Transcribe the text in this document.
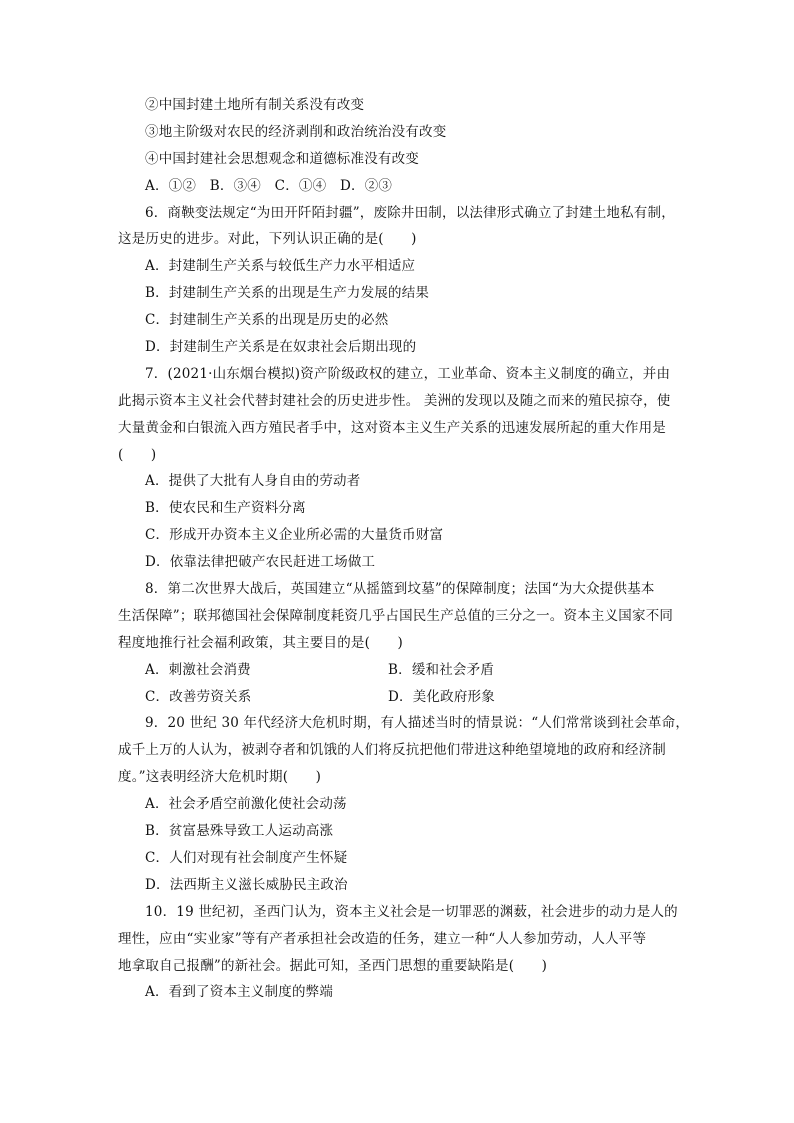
②中国封建土地所有制关系没有改变
③地主阶级对农民的经济剥削和政治统治没有改变
④中国封建社会思想观念和道德标准没有改变
A．①②　B．③④　C．①④　D．②③
6．商鞅变法规定“为田开阡陌封疆”，废除井田制，以法律形式确立了封建土地私有制，
这是历史的进步。对此，下列认识正确的是(　　)
A．封建制生产关系与较低生产力水平相适应
B．封建制生产关系的出现是生产力发展的结果
C．封建制生产关系的出现是历史的必然
D．封建制生产关系是在奴隶社会后期出现的
7．(2021·山东烟台模拟)资产阶级政权的建立，工业革命、资本主义制度的确立，并由
此揭示资本主义社会代替封建社会的历史进步性。 美洲的发现以及随之而来的殖民掠夺，使
大量黄金和白银流入西方殖民者手中，这对资本主义生产关系的迅速发展所起的重大作用是
(　　)
A．提供了大批有人身自由的劳动者
B．使农民和生产资料分离
C．形成开办资本主义企业所必需的大量货币财富
D．依靠法律把破产农民赶进工场做工
8．第二次世界大战后，英国建立“从摇篮到坟墓”的保障制度；法国“为大众提供基本
生活保障”；联邦德国社会保障制度耗资几乎占国民生产总值的三分之一。资本主义国家不同
程度地推行社会福利政策，其主要目的是(　　)
A．刺激社会消费	B．缓和社会矛盾
C．改善劳资关系	D．美化政府形象
9．20 世纪 30 年代经济大危机时期，有人描述当时的情景说：“人们常常谈到社会革命，
成千上万的人认为，被剥夺者和饥饿的人们将反抗把他们带进这种绝望境地的政府和经济制
度。”这表明经济大危机时期(　　)
A．社会矛盾空前激化使社会动荡
B．贫富悬殊导致工人运动高涨
C．人们对现有社会制度产生怀疑
D．法西斯主义滋长威胁民主政治
10．19 世纪初，圣西门认为，资本主义社会是一切罪恶的渊薮，社会进步的动力是人的
理性，应由“实业家”等有产者承担社会改造的任务，建立一种“人人参加劳动，人人平等
地拿取自己报酬”的新社会。据此可知，圣西门思想的重要缺陷是(　　)
A．看到了资本主义制度的弊端
